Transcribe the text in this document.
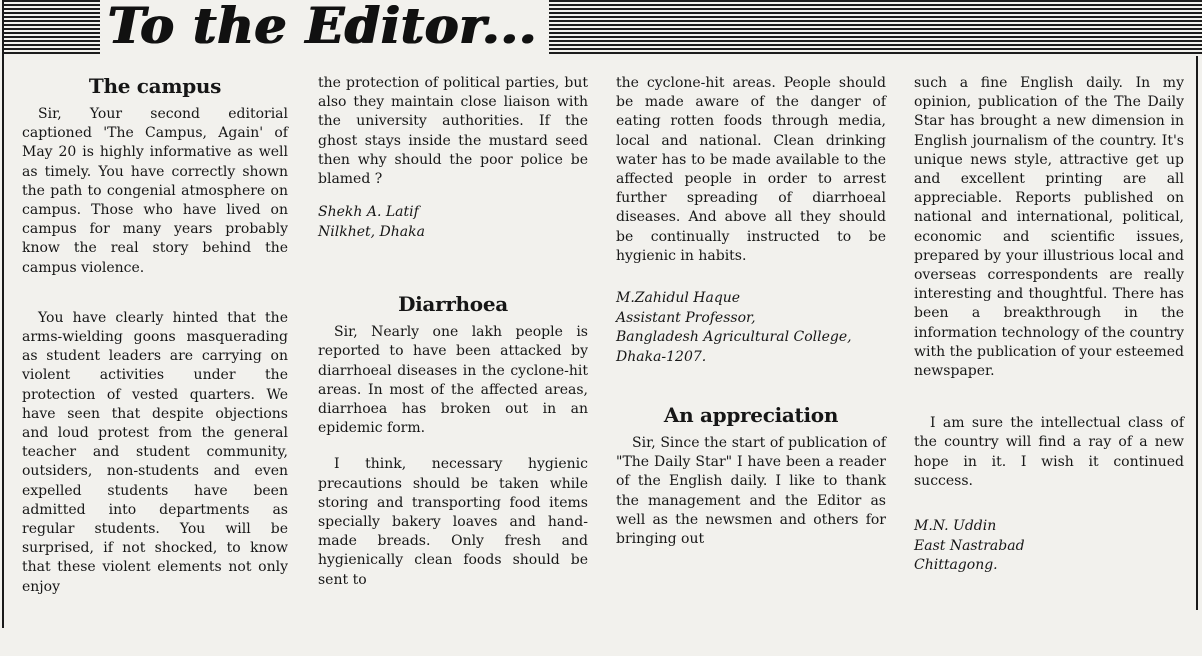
To the Editor...
The campus

Sir, Your second editorial captioned 'The Campus, Again' of May 20 is highly informative as well as timely. You have correctly shown the path to congenial atmosphere on campus. Those who have lived on campus for many years probably know the real story behind the campus violence.

You have clearly hinted that the arms-wielding goons masquerading as student leaders are carrying on violent activities under the protection of vested quarters. We have seen that despite objections and loud protest from the general teacher and student community, outsiders, non-students and even expelled students have been admitted into departments as regular students. You will be surprised, if not shocked, to know that these violent elements not only enjoy

the protection of political parties, but also they maintain close liaison with the university authorities. If the ghost stays inside the mustard seed then why should the poor police be blamed ?

Shekh A. Latif
Nilkhet, Dhaka
Diarrhoea

Sir, Nearly one lakh people is reported to have been attacked by diarrhoeal diseases in the cyclone-hit areas. In most of the affected areas, diarrhoea has broken out in an epidemic form.

I think, necessary hygienic precautions should be taken while storing and transporting food items specially bakery loaves and hand-made breads. Only fresh and hygienically clean foods should be sent to

the cyclone-hit areas. People should be made aware of the danger of eating rotten foods through media, local and national. Clean drinking water has to be made available to the affected people in order to arrest further spreading of diarrhoeal diseases. And above all they should be continually instructed to be hygienic in habits.

M.Zahidul Haque
Assistant Professor,
Bangladesh Agricultural College,
Dhaka-1207.
An appreciation

Sir, Since the start of publication of "The Daily Star" I have been a reader of the English daily. I like to thank the management and the Editor as well as the newsmen and others for bringing out

such a fine English daily. In my opinion, publication of the The Daily Star has brought a new dimension in English journalism of the country. It's unique news style, attractive get up and excellent printing are all appreciable. Reports published on national and international, political, economic and scientific issues, prepared by your illustrious local and overseas correspondents are really interesting and thoughtful. There has been a breakthrough in the information technology of the country with the publication of your esteemed newspaper.

I am sure the intellectual class of the country will find a ray of a new hope in it. I wish it continued success.

M.N. Uddin
East Nastrabad
Chittagong.
